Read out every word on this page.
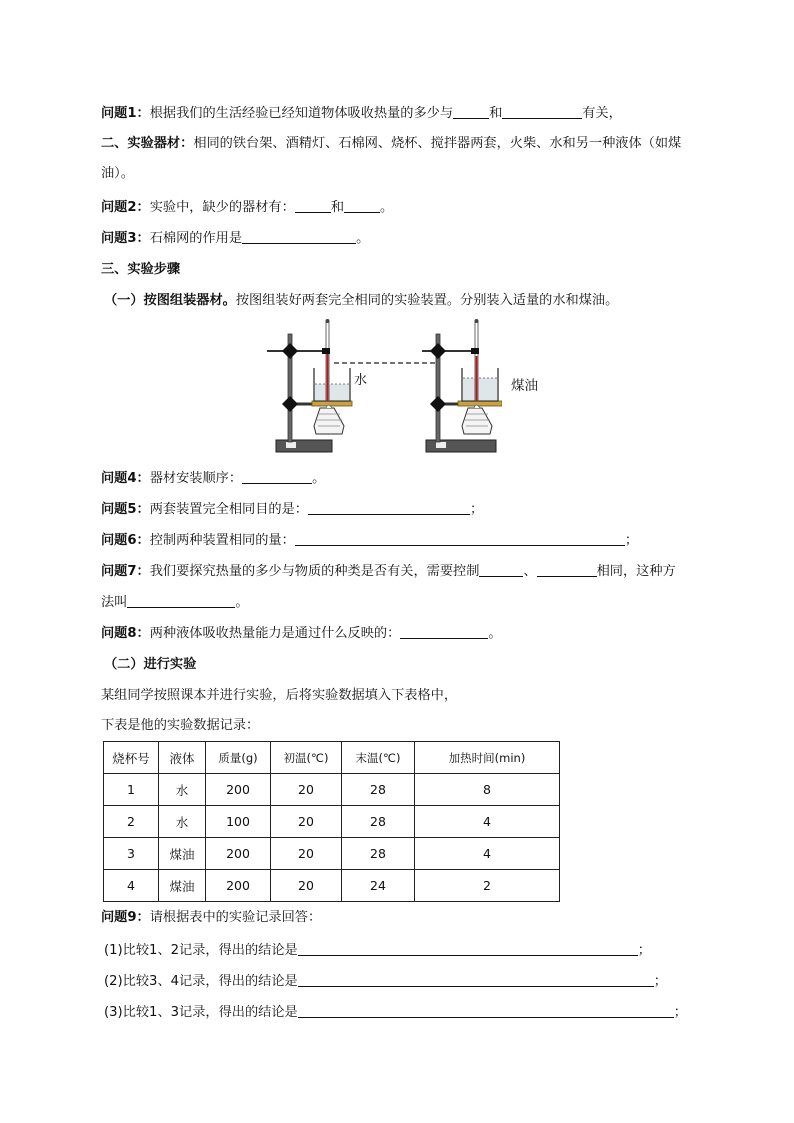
问题1：根据我们的生活经验已经知道物体吸收热量的多少与	和	有关，
二、实验器材：相同的铁台架、酒精灯、石棉网、烧杯、搅拌器两套，火柴、水和另一种液体（如煤
油）。
问题2：实验中，缺少的器材有：	和	。
问题3：石棉网的作用是	。
三、实验步骤
（一）按图组装器材。按图组装好两套完全相同的实验装置。分别装入适量的水和煤油。
水	煤油
问题4：器材安装顺序：	。
问题5：两套装置完全相同目的是：	；
问题6：控制两种装置相同的量：	；
问题7：我们要探究热量的多少与物质的种类是否有关，需要控制	、	相同，这种方
法叫	。
问题8：两种液体吸收热量能力是通过什么反映的：	。
（二）进行实验
某组同学按照课本并进行实验，后将实验数据填入下表格中，
下表是他的实验数据记录：
烧杯号	液体	质量(g)	初温(℃)	末温(℃)	加热时间(min)
1	水	200	20	28	8
2	水	100	20	28	4
3	煤油	200	20	28	4
4	煤油	200	20	24	2
问题9：请根据表中的实验记录回答：
(1)比较1、2记录，得出的结论是	；
(2)比较3、4记录，得出的结论是	；
(3)比较1、3记录，得出的结论是	；
